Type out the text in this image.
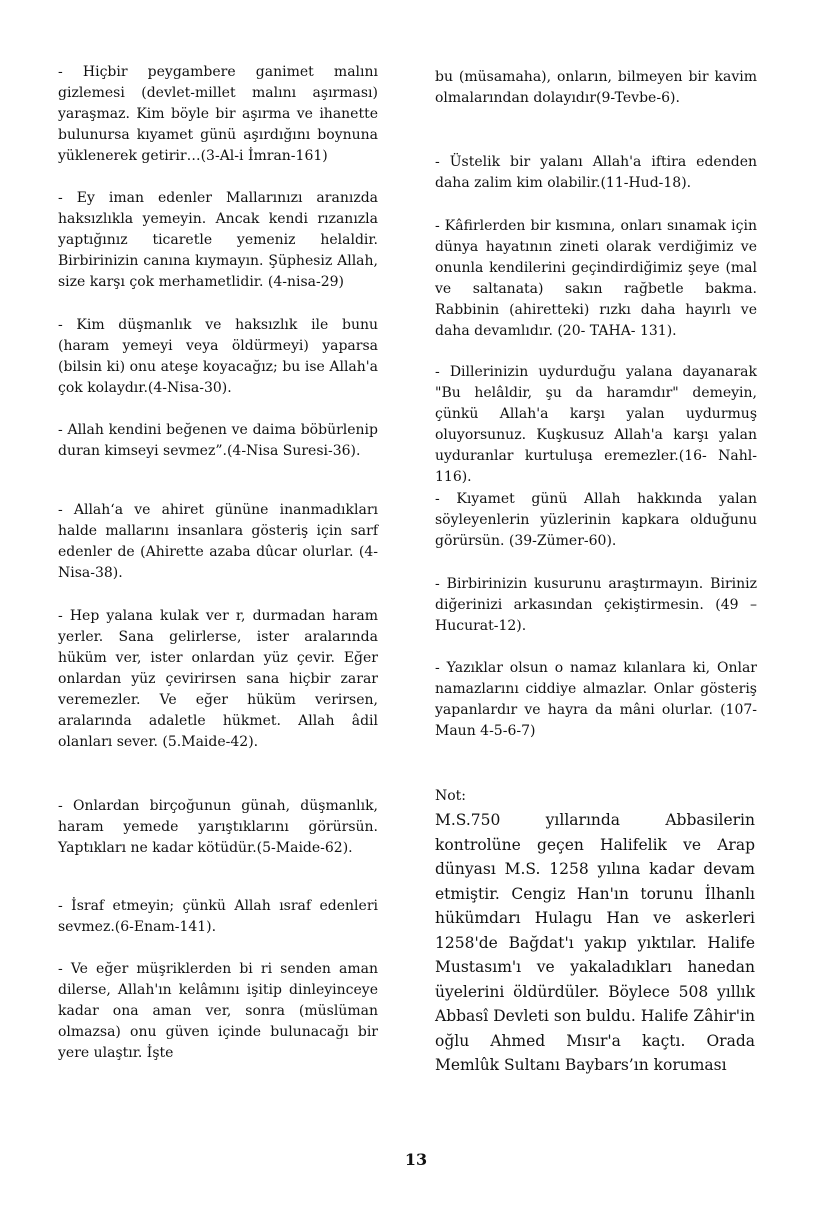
- Hiçbir peygambere ganimet malını gizlemesi (devlet-millet malını aşırması) yaraşmaz. Kim böyle bir aşırma ve ihanette bulunursa kıyamet günü aşırdığını boynuna yüklenerek getirir…(3-Al-i İmran-161)

- Ey iman edenler Mallarınızı aranızda haksızlıkla yemeyin. Ancak kendi rızanızla yaptığınız ticaretle yemeniz helaldir. Birbirinizin canına kıymayın. Şüphesiz Allah, size karşı çok merhametlidir. (4-nisa-29)

- Kim düşmanlık ve haksızlık ile bunu (haram yemeyi veya öldürmeyi) yaparsa (bilsin ki) onu ateşe koyacağız; bu ise Allah'a çok kolaydır.(4-Nisa-30).

- Allah kendini beğenen ve daima böbürlenip duran kimseyi sevmez”.(4-Nisa Suresi-36).

- Allah‘a ve ahiret gününe inanmadıkları halde mallarını insanlara gösteriş için sarf edenler de (Ahirette azaba dûcar olurlar. (4-Nisa-38).

- Hep yalana kulak ver r, durmadan haram yerler. Sana gelirlerse, ister aralarında hüküm ver, ister onlardan yüz çevir. Eğer onlardan yüz çevirirsen sana hiçbir zarar veremezler. Ve eğer hüküm verirsen, aralarında adaletle hükmet. Allah âdil olanları sever. (5.Maide-42).

- Onlardan birçoğunun günah, düşmanlık, haram yemede yarıştıklarını görürsün. Yaptıkları ne kadar kötüdür.(5-Maide-62).

- İsraf etmeyin; çünkü Allah ısraf edenleri sevmez.(6-Enam-141).

- Ve eğer müşriklerden bi ri senden aman dilerse, Allah'ın kelâmını işitip dinleyinceye kadar ona aman ver, sonra (müslüman olmazsa) onu güven içinde bulunacağı bir yere ulaştır. İşte

bu (müsamaha), onların, bilmeyen bir kavim olmalarından dolayıdır(9-Tevbe-6).

- Üstelik bir yalanı Allah'a iftira edenden daha zalim kim olabilir.(11-Hud-18).

- Kâfirlerden bir kısmına, onları sınamak için dünya hayatının zineti olarak verdiğimiz ve onunla kendilerini geçindirdiğimiz şeye (mal ve saltanata) sakın rağbetle bakma. Rabbinin (ahiretteki) rızkı daha hayırlı ve daha devamlıdır. (20- TAHA- 131).

- Dillerinizin uydurduğu yalana dayanarak "Bu helâldir, şu da haramdır" demeyin, çünkü Allah'a karşı yalan uydurmuş oluyorsunuz. Kuşkusuz Allah'a karşı yalan uyduranlar kurtuluşa eremezler.(16- Nahl-116).

- Kıyamet günü Allah hakkında yalan söyleyenlerin yüzlerinin kapkara olduğunu görürsün. (39-Zümer-60).

- Birbirinizin kusurunu araştırmayın. Biriniz diğerinizi arkasından çekiştirmesin. (49 – Hucurat-12).

- Yazıklar olsun o namaz kılanlara ki, Onlar namazlarını ciddiye almazlar. Onlar gösteriş yapanlardır ve hayra da mâni olurlar. (107-Maun 4-5-6-7)

Not:

M.S.750 yıllarında Abbasilerin kontrolüne geçen Halifelik ve Arap dünyası M.S. 1258 yılına kadar devam etmiştir. Cengiz Han'ın torunu İlhanlı hükümdarı Hulagu Han ve askerleri 1258'de Bağdat'ı yakıp yıktılar. Halife Mustasım'ı ve yakaladıkları hanedan üyelerini öldürdüler. Böylece 508 yıllık Abbasî Devleti son buldu. Halife Zâhir'in oğlu Ahmed Mısır'a kaçtı. Orada Memlûk Sultanı Baybars’ın koruması

13
